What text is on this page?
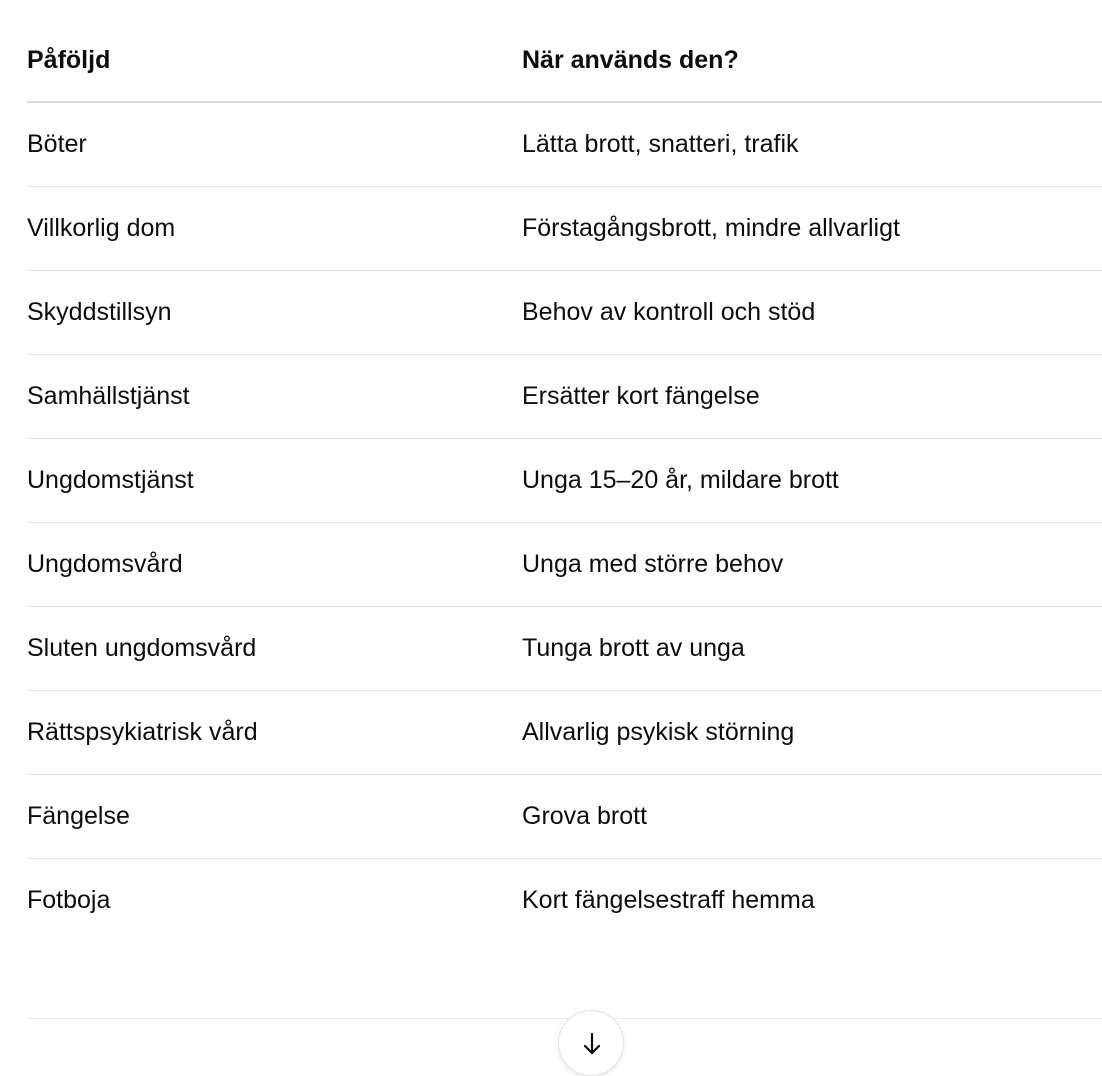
Påföljd	När används den?
Böter	Lätta brott, snatteri, trafik
Villkorlig dom	Förstagångsbrott, mindre allvarligt
Skyddstillsyn	Behov av kontroll och stöd
Samhällstjänst	Ersätter kort fängelse
Ungdomstjänst	Unga 15–20 år, mildare brott
Ungdomsvård	Unga med större behov
Sluten ungdomsvård	Tunga brott av unga
Rättspsykiatrisk vård	Allvarlig psykisk störning
Fängelse	Grova brott
Fotboja	Kort fängelsestraff hemma
